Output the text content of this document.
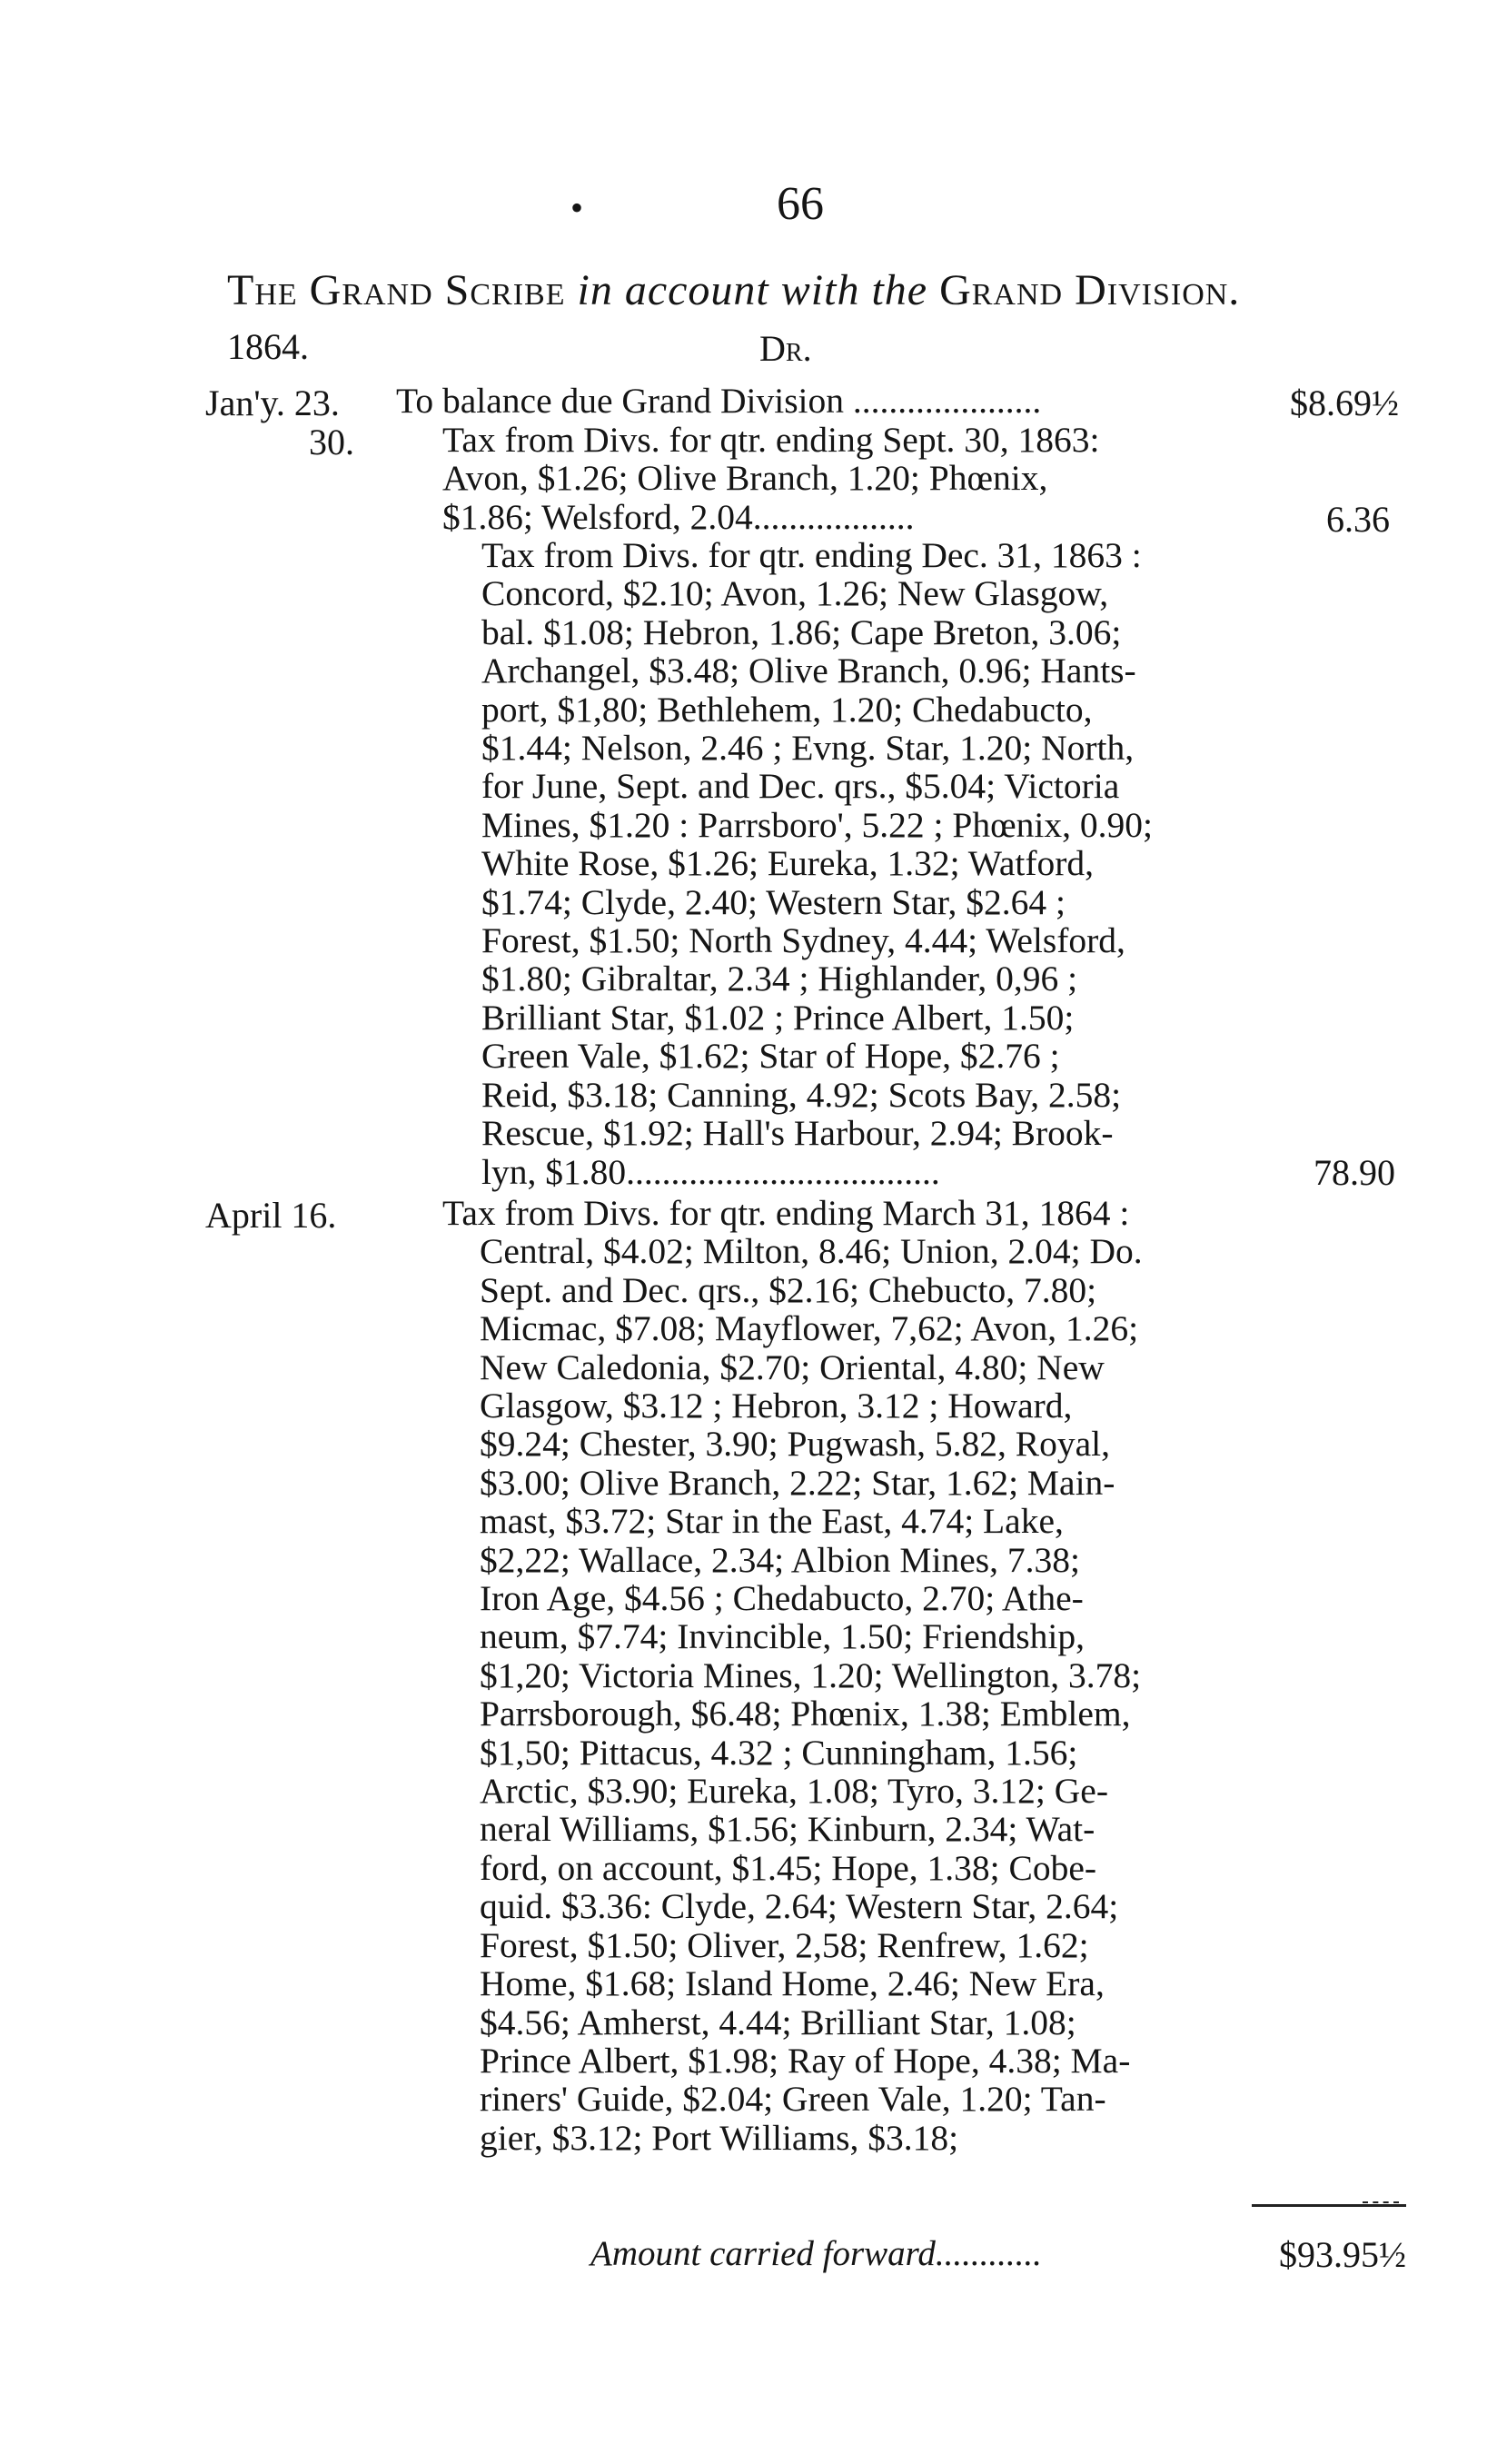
•	66
The Grand Scribe in account with the Grand Division.
1864.	Dr.
Jan'y. 23. To balance due Grand Division .....................	$8.69½
30. Tax from Divs. for qtr. ending Sept. 30, 1863:
Avon, $1.26; Olive Branch, 1.20; Phœnix,
$1.86; Welsford, 2.04..................	6.36
Tax from Divs. for qtr. ending Dec. 31, 1863 :
Concord, $2.10; Avon, 1.26; New Glasgow,
bal. $1.08; Hebron, 1.86; Cape Breton, 3.06;
Archangel, $3.48; Olive Branch, 0.96; Hants-
port, $1,80; Bethlehem, 1.20; Chedabucto,
$1.44; Nelson, 2.46 ; Evng. Star, 1.20; North,
for June, Sept. and Dec. qrs., $5.04; Victoria
Mines, $1.20 : Parrsboro', 5.22 ; Phœnix, 0.90;
White Rose, $1.26; Eureka, 1.32; Watford,
$1.74; Clyde, 2.40; Western Star, $2.64 ;
Forest, $1.50; North Sydney, 4.44; Welsford,
$1.80; Gibraltar, 2.34 ; Highlander, 0,96 ;
Brilliant Star, $1.02 ; Prince Albert, 1.50;
Green Vale, $1.62; Star of Hope, $2.76 ;
Reid, $3.18; Canning, 4.92; Scots Bay, 2.58;
Rescue, $1.92; Hall's Harbour, 2.94; Brook-
lyn, $1.80...................................	78.90
April 16.	Tax from Divs. for qtr. ending March 31, 1864 :
Central, $4.02; Milton, 8.46; Union, 2.04; Do.
Sept. and Dec. qrs., $2.16; Chebucto, 7.80;
Micmac, $7.08; Mayflower, 7,62; Avon, 1.26;
New Caledonia, $2.70; Oriental, 4.80; New
Glasgow, $3.12 ; Hebron, 3.12 ; Howard,
$9.24; Chester, 3.90; Pugwash, 5.82, Royal,
$3.00; Olive Branch, 2.22; Star, 1.62; Main-
mast, $3.72; Star in the East, 4.74; Lake,
$2,22; Wallace, 2.34; Albion Mines, 7.38;
Iron Age, $4.56 ; Chedabucto, 2.70; Athe-
neum, $7.74; Invincible, 1.50; Friendship,
$1,20; Victoria Mines, 1.20; Wellington, 3.78;
Parrsborough, $6.48; Phœnix, 1.38; Emblem,
$1,50; Pittacus, 4.32 ; Cunningham, 1.56;
Arctic, $3.90; Eureka, 1.08; Tyro, 3.12; Ge-
neral Williams, $1.56; Kinburn, 2.34; Wat-
ford, on account, $1.45; Hope, 1.38; Cobe-
quid. $3.36: Clyde, 2.64; Western Star, 2.64;
Forest, $1.50; Oliver, 2,58; Renfrew, 1.62;
Home, $1.68; Island Home, 2.46; New Era,
$4.56; Amherst, 4.44; Brilliant Star, 1.08;
Prince Albert, $1.98; Ray of Hope, 4.38; Ma-
riners' Guide, $2.04; Green Vale, 1.20; Tan-
gier, $3.12; Port Williams, $3.18;
Amount carried forward............	$93.95½
